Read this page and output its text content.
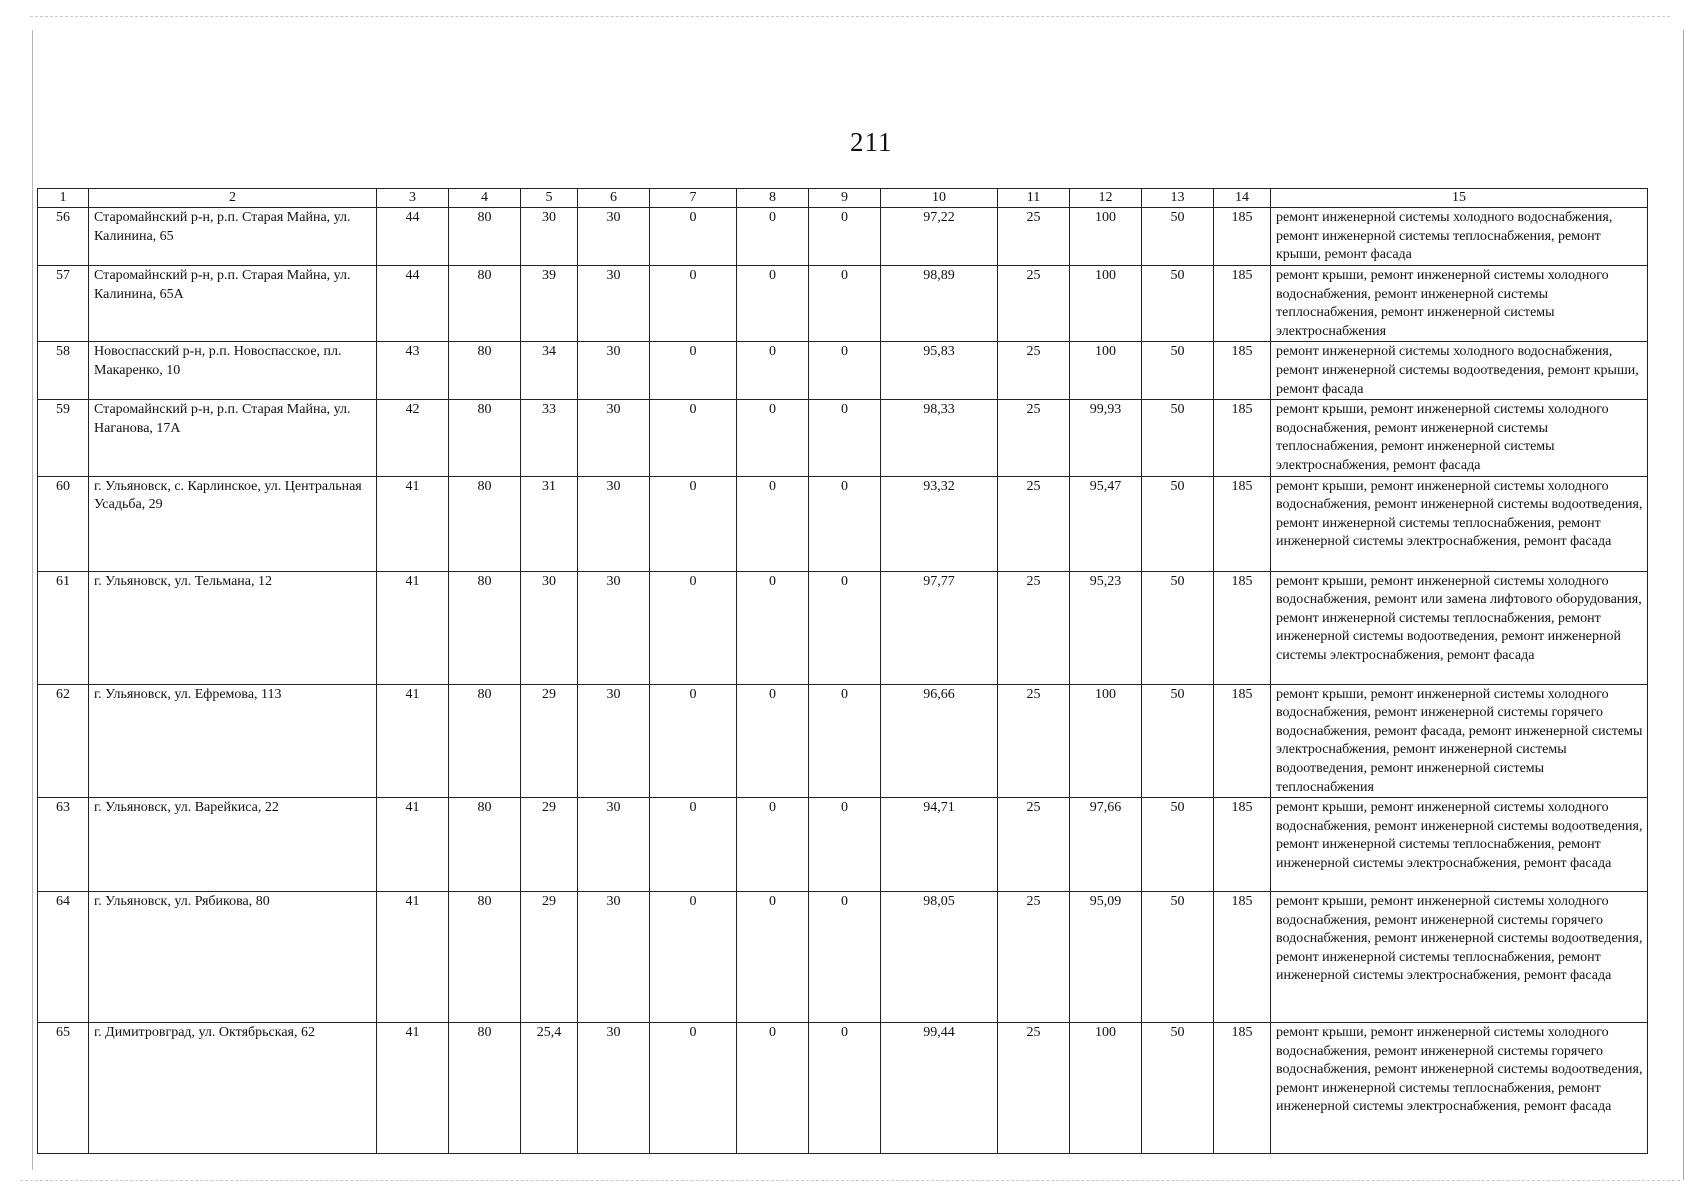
211
1	2	3	4	5	6	7	8	9	10	11	12	13	14	15
56	Старомайнский р-н, р.п. Старая Майна, ул. Калинина, 65	44	80	30	30	0	0	0	97,22	25	100	50	185	ремонт инженерной системы холодного водоснабжения, ремонт инженерной системы теплоснабжения, ремонт крыши, ремонт фасада
57	Старомайнский р-н, р.п. Старая Майна, ул. Калинина, 65А	44	80	39	30	0	0	0	98,89	25	100	50	185	ремонт крыши, ремонт инженерной системы холодного водоснабжения, ремонт инженерной системы теплоснабжения, ремонт инженерной системы электроснабжения
58	Новоспасский р-н, р.п. Новоспасское, пл. Макаренко, 10	43	80	34	30	0	0	0	95,83	25	100	50	185	ремонт инженерной системы холодного водоснабжения, ремонт инженерной системы водоотведения, ремонт крыши, ремонт фасада
59	Старомайнский р-н, р.п. Старая Майна, ул. Наганова, 17А	42	80	33	30	0	0	0	98,33	25	99,93	50	185	ремонт крыши, ремонт инженерной системы холодного водоснабжения, ремонт инженерной системы теплоснабжения, ремонт инженерной системы электроснабжения, ремонт фасада
60	г. Ульяновск, с. Карлинское, ул. Центральная Усадьба, 29	41	80	31	30	0	0	0	93,32	25	95,47	50	185	ремонт крыши, ремонт инженерной системы холодного водоснабжения, ремонт инженерной системы водоотведения, ремонт инженерной системы теплоснабжения, ремонт инженерной системы электроснабжения, ремонт фасада
61	г. Ульяновск, ул. Тельмана, 12	41	80	30	30	0	0	0	97,77	25	95,23	50	185	ремонт крыши, ремонт инженерной системы холодного водоснабжения, ремонт или замена лифтового оборудования, ремонт инженерной системы теплоснабжения, ремонт инженерной системы водоотведения, ремонт инженерной системы электроснабжения, ремонт фасада
62	г. Ульяновск, ул. Ефремова, 113	41	80	29	30	0	0	0	96,66	25	100	50	185	ремонт крыши, ремонт инженерной системы холодного водоснабжения, ремонт инженерной системы горячего водоснабжения, ремонт фасада, ремонт инженерной системы электроснабжения, ремонт инженерной системы водоотведения, ремонт инженерной системы теплоснабжения
63	г. Ульяновск, ул. Варейкиса, 22	41	80	29	30	0	0	0	94,71	25	97,66	50	185	ремонт крыши, ремонт инженерной системы холодного водоснабжения, ремонт инженерной системы водоотведения, ремонт инженерной системы теплоснабжения, ремонт инженерной системы электроснабжения, ремонт фасада
64	г. Ульяновск, ул. Рябикова, 80	41	80	29	30	0	0	0	98,05	25	95,09	50	185	ремонт крыши, ремонт инженерной системы холодного водоснабжения, ремонт инженерной системы горячего водоснабжения, ремонт инженерной системы водоотведения, ремонт инженерной системы теплоснабжения, ремонт инженерной системы электроснабжения, ремонт фасада
65	г. Димитровград, ул. Октябрьская, 62	41	80	25,4	30	0	0	0	99,44	25	100	50	185	ремонт крыши, ремонт инженерной системы холодного водоснабжения, ремонт инженерной системы горячего водоснабжения, ремонт инженерной системы водоотведения, ремонт инженерной системы теплоснабжения, ремонт инженерной системы электроснабжения, ремонт фасада
